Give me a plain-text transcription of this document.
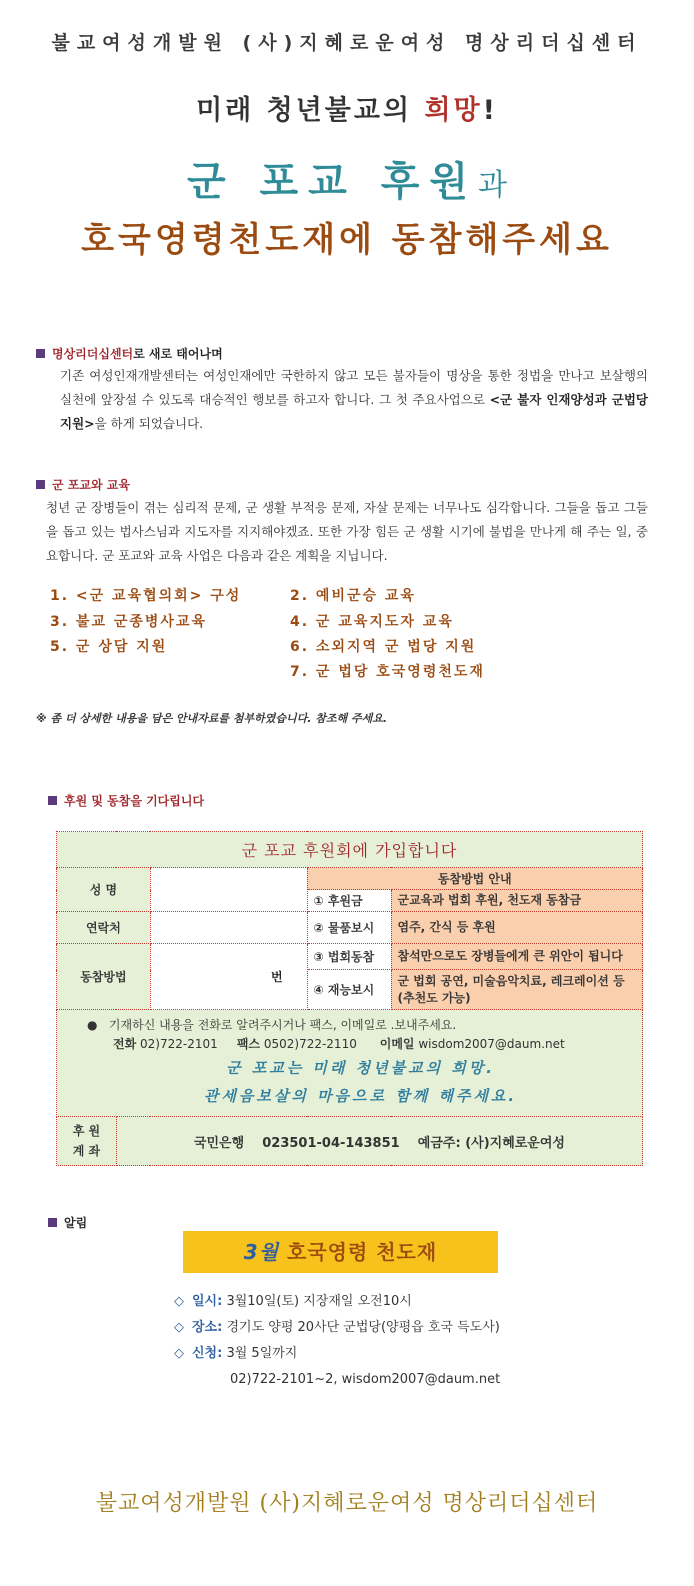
불교여성개발원 (사)지혜로운여성 명상리더십센터
미래 청년불교의 희망!
군 포교 후원과
호국영령천도재에 동참해주세요
명상리더십센터로 새로 태어나며
기존 여성인재개발센터는 여성인재에만 국한하지 않고 모든 불자들이 명상을 통한 정법을 만나고 보살행의 실천에 앞장설 수 있도록 대승적인 행보를 하고자 합니다. 그 첫 주요사업으로 <군 불자 인재양성과 군법당 지원>을 하게 되었습니다.
군 포교와 교육
청년 군 장병들이 겪는 심리적 문제, 군 생활 부적응 문제, 자살 문제는 너무나도 심각합니다. 그들을 돕고 그들을 돕고 있는 법사스님과 지도자를 지지해야겠죠. 또한 가장 힘든 군 생활 시기에 불법을 만나게 해 주는 일, 중요합니다. 군 포교와 교육 사업은 다음과 같은 계획을 지닙니다.
1. <군 교육협의회> 구성	2. 예비군승 교육
3. 불교 군종병사교육	4. 군 교육지도자 교육
5. 군 상담 지원	6. 소외지역 군 법당 지원
7. 군 법당 호국영령천도재
※ 좀 더 상세한 내용을 담은 안내자료를 첨부하였습니다. 참조해 주세요.
후원 및 동참을 기다립니다
군 포교 후원회에 가입합니다				
성 명			동참방법 안내	
			① 후원금	군교육과 법회 후원, 천도재 동참금
연락처			② 물품보시	염주, 간식 등 후원
동참방법		번	③ 법회동참	참석만으로도 장병들에게 큰 위안이 됩니다
			④ 재능보시	군 법회 공연, 미술음악치료, 레크레이션 등 (추천도 가능)

●   기재하신 내용을 전화로 알려주시거나 팩스, 이메일로 .보내주세요.
전화 02)722-2101 팩스 0502)722-2110 이메일 wisdom2007@daum.net
군 포교는 미래 청년불교의 희망.
관세음보살의 마음으로 함께 해주세요.				

후 원
계 좌	국민은행 023501-04-143851 예금주: (사)지혜로운여성			
알림
3월 호국영령 천도재
◇ 일시: 3월10일(토) 지장재일 오전10시
◇ 장소: 경기도 양평 20사단 군법당(양평읍 호국 득도사)
◇ 신청: 3월 5일까지
02)722-2101~2, wisdom2007@daum.net
불교여성개발원 (사)지혜로운여성 명상리더십센터
